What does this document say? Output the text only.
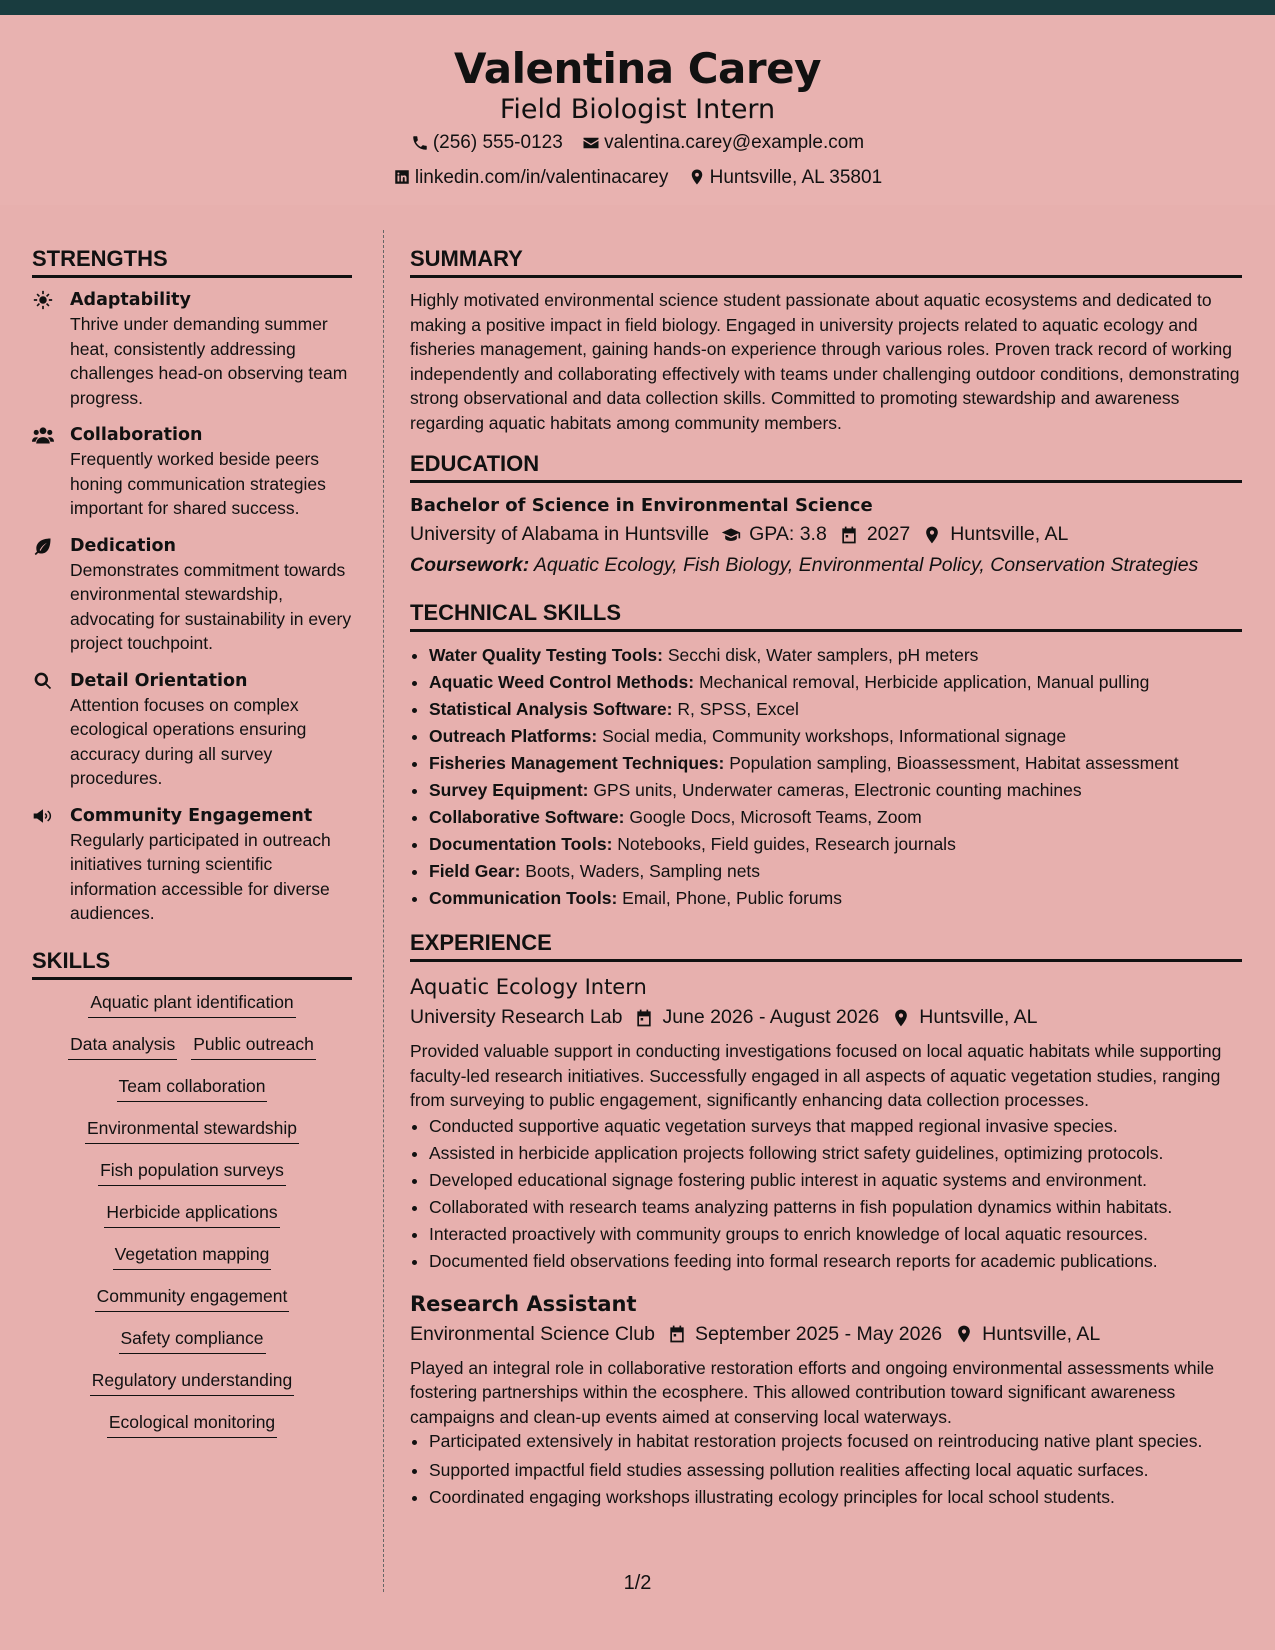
Valentina Carey
Field Biologist Intern
(256) 555-0123
valentina.carey@example.com
linkedin.com/in/valentinacarey
Huntsville, AL 35801
STRENGTHS
Adaptability
Thrive under demanding summer heat, consistently addressing challenges head-on observing team progress.
Collaboration
Frequently worked beside peers honing communication strategies important for shared success.
Dedication
Demonstrates commitment towards environmental stewardship, advocating for sustainability in every project touchpoint.
Detail Orientation
Attention focuses on complex ecological operations ensuring accuracy during all survey procedures.
Community Engagement
Regularly participated in outreach initiatives turning scientific information accessible for diverse audiences.
SKILLS
Aquatic plant identification
Data analysis Public outreach
Team collaboration
Environmental stewardship
Fish population surveys
Herbicide applications
Vegetation mapping
Community engagement
Safety compliance
Regulatory understanding
Ecological monitoring
SUMMARY

Highly motivated environmental science student passionate about aquatic ecosystems and dedicated to making a positive impact in field biology. Engaged in university projects related to aquatic ecology and fisheries management, gaining hands-on experience through various roles. Proven track record of working independently and collaborating effectively with teams under challenging outdoor conditions, demonstrating strong observational and data collection skills. Committed to promoting stewardship and awareness regarding aquatic habitats among community members.

EDUCATION
Bachelor of Science in Environmental Science
University of Alabama in Huntsville GPA: 3.8 2027 Huntsville, AL
Coursework: Aquatic Ecology, Fish Biology, Environmental Policy, Conservation Strategies
TECHNICAL SKILLS
• Water Quality Testing Tools: Secchi disk, Water samplers, pH meters
• Aquatic Weed Control Methods: Mechanical removal, Herbicide application, Manual pulling
• Statistical Analysis Software: R, SPSS, Excel
• Outreach Platforms: Social media, Community workshops, Informational signage
• Fisheries Management Techniques: Population sampling, Bioassessment, Habitat assessment
• Survey Equipment: GPS units, Underwater cameras, Electronic counting machines
• Collaborative Software: Google Docs, Microsoft Teams, Zoom
• Documentation Tools: Notebooks, Field guides, Research journals
• Field Gear: Boots, Waders, Sampling nets
• Communication Tools: Email, Phone, Public forums
EXPERIENCE
Aquatic Ecology Intern
University Research Lab June 2026 - August 2026 Huntsville, AL

Provided valuable support in conducting investigations focused on local aquatic habitats while supporting faculty-led research initiatives. Successfully engaged in all aspects of aquatic vegetation studies, ranging from surveying to public engagement, significantly enhancing data collection processes.

• Conducted supportive aquatic vegetation surveys that mapped regional invasive species.
• Assisted in herbicide application projects following strict safety guidelines, optimizing protocols.
• Developed educational signage fostering public interest in aquatic systems and environment.
• Collaborated with research teams analyzing patterns in fish population dynamics within habitats.
• Interacted proactively with community groups to enrich knowledge of local aquatic resources.
• Documented field observations feeding into formal research reports for academic publications.
Research Assistant
Environmental Science Club September 2025 - May 2026 Huntsville, AL

Played an integral role in collaborative restoration efforts and ongoing environmental assessments while fostering partnerships within the ecosphere. This allowed contribution toward significant awareness campaigns and clean-up events aimed at conserving local waterways.

• Participated extensively in habitat restoration projects focused on reintroducing native plant species.
• Supported impactful field studies assessing pollution realities affecting local aquatic surfaces.
• Coordinated engaging workshops illustrating ecology principles for local school students.
1/2
